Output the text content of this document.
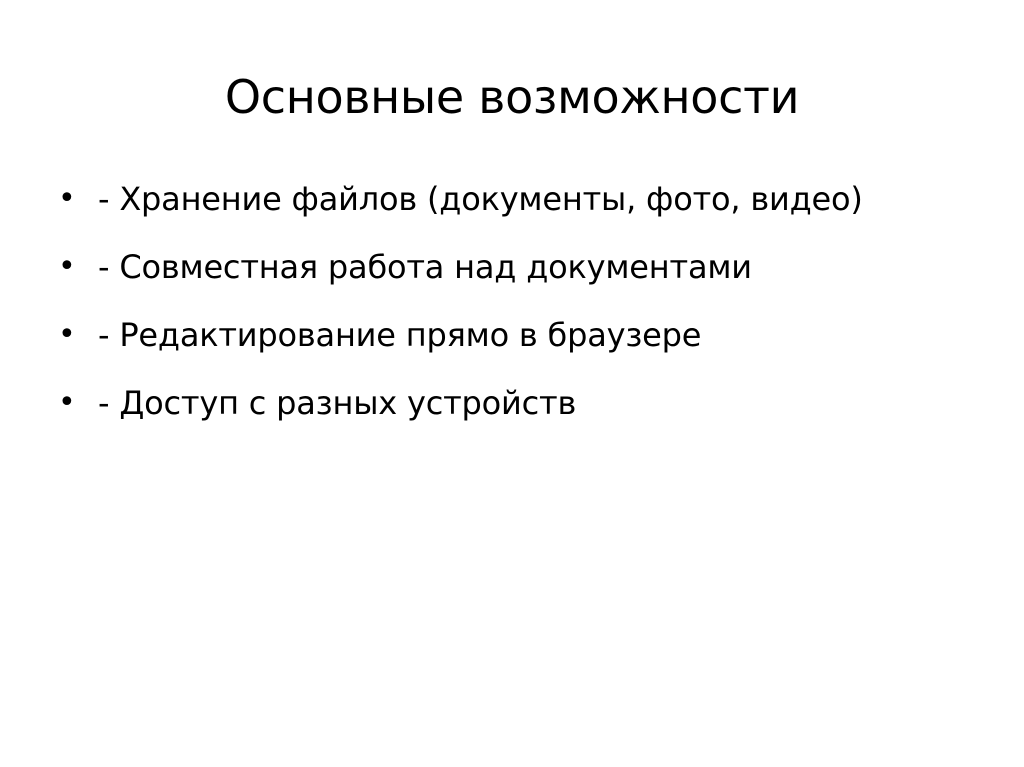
Основные возможности
• - Хранение файлов (документы, фото, видео)
• - Совместная работа над документами
• - Редактирование прямо в браузере
• - Доступ с разных устройств
